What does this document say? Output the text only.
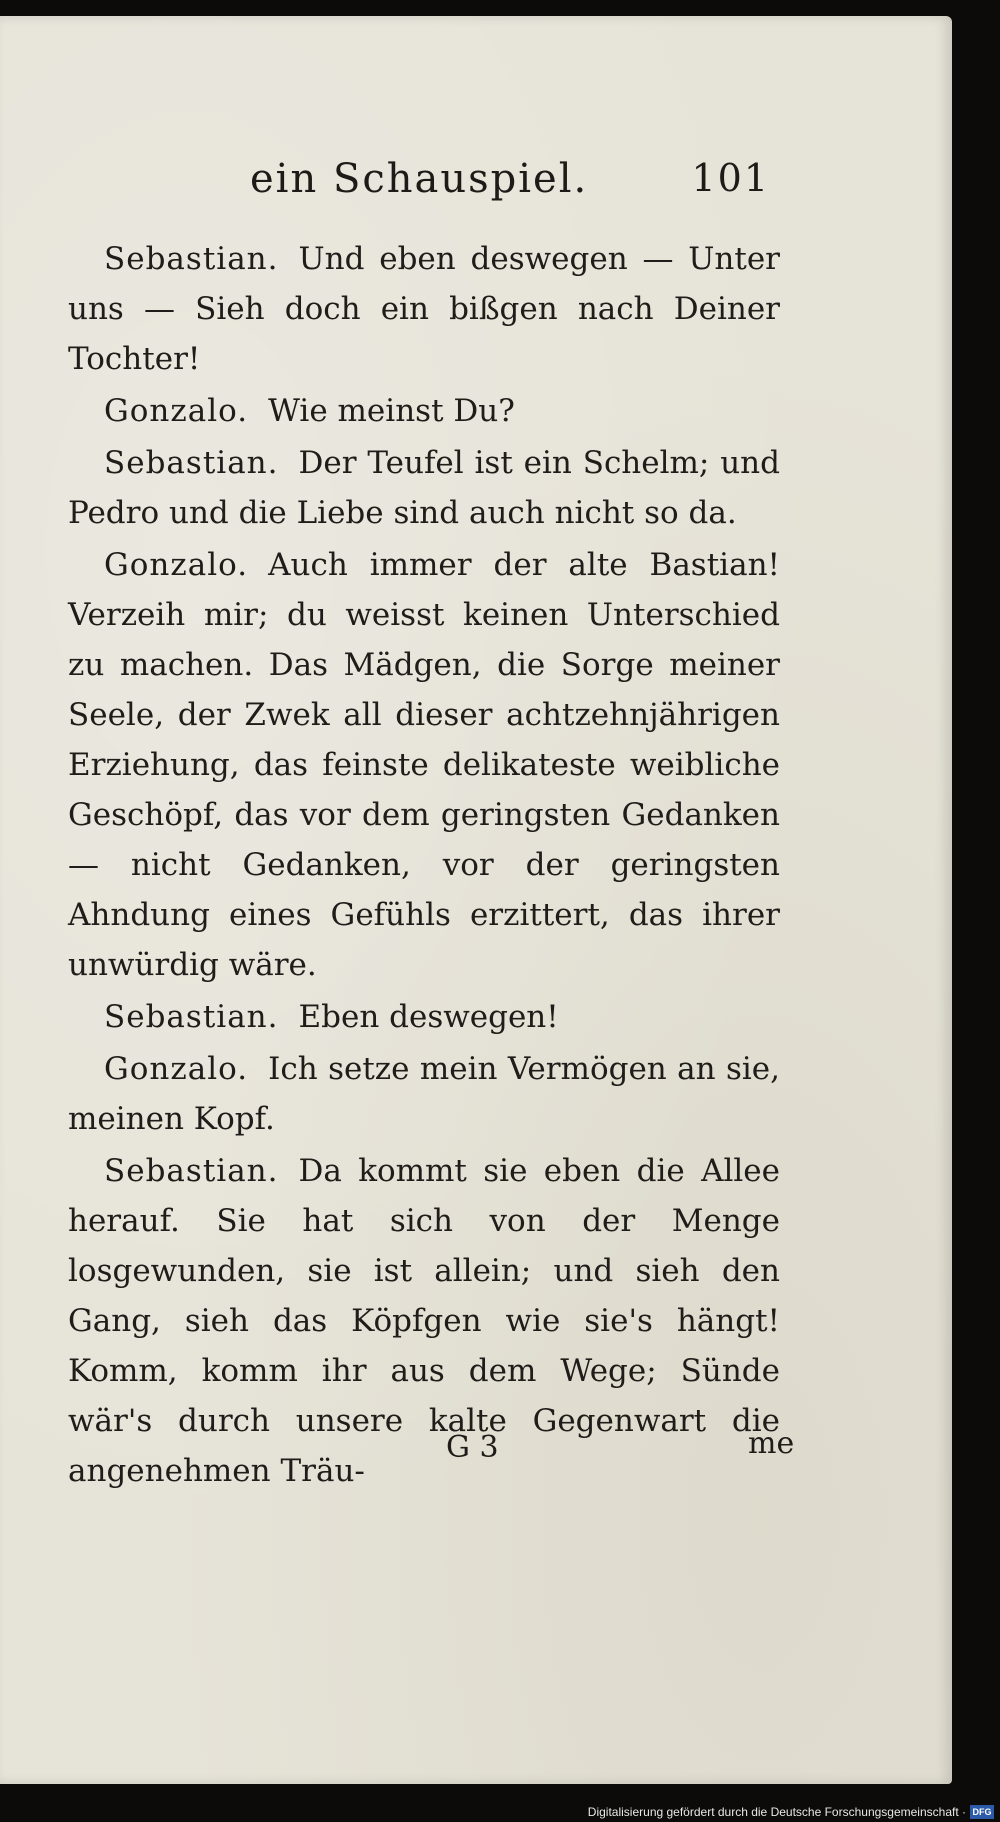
ein Schauspiel.	101

Sebastian. Und eben deswegen — Unter uns — Sieh doch ein bißgen nach Deiner Tochter!

Gonzalo. Wie meinst Du?

Sebastian. Der Teufel ist ein Schelm; und Pedro und die Liebe sind auch nicht so da.

Gonzalo. Auch immer der alte Bastian! Verzeih mir; du weisst keinen Unterschied zu machen. Das Mädgen, die Sorge meiner Seele, der Zwek all dieser achtzehnjährigen Erziehung, das feinste delikateste weibliche Geschöpf, das vor dem geringsten Gedanken — nicht Gedanken, vor der geringsten Ahndung eines Gefühls erzittert, das ihrer unwürdig wäre.

Sebastian. Eben deswegen!

Gonzalo. Ich setze mein Vermögen an sie, meinen Kopf.

Sebastian. Da kommt sie eben die Allee herauf. Sie hat sich von der Menge losgewunden, sie ist allein; und sieh den Gang, sieh das Köpfgen wie sie's hängt! Komm, komm ihr aus dem Wege; Sünde wär's durch unsere kalte Gegenwart die angenehmen Träu-

G 3	me
Digitalisierung gefördert durch die Deutsche Forschungsgemeinschaft · DFG
